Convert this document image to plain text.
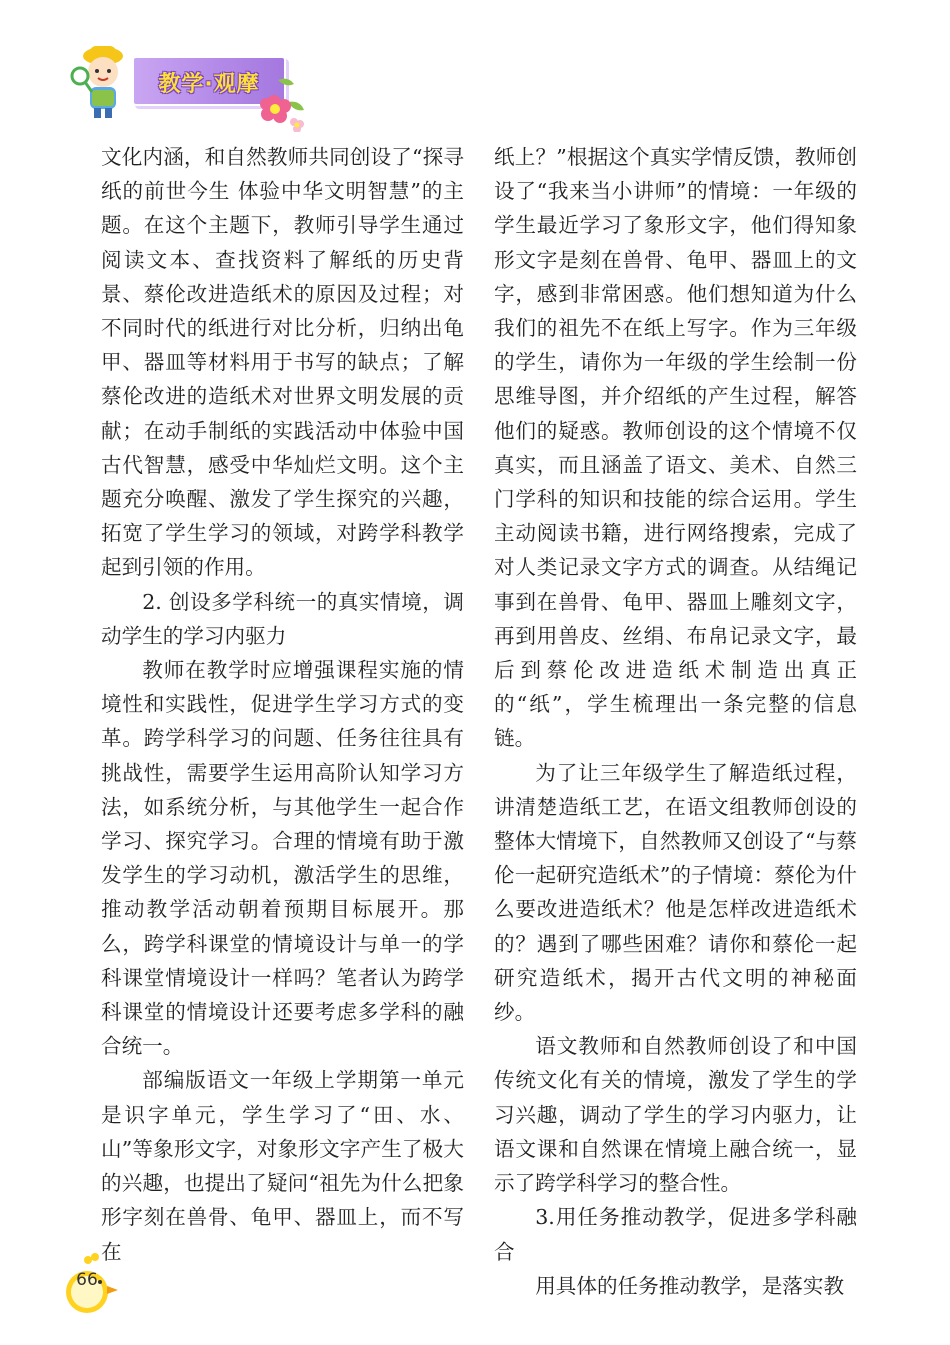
教学·观摩

文化内涵，和自然教师共同创设了“探寻纸的前世今生 体验中华文明智慧”的主题。在这个主题下，教师引导学生通过阅读文本、查找资料了解纸的历史背景、蔡伦改进造纸术的原因及过程；对不同时代的纸进行对比分析，归纳出龟甲、器皿等材料用于书写的缺点；了解蔡伦改进的造纸术对世界文明发展的贡献；在动手制纸的实践活动中体验中国古代智慧，感受中华灿烂文明。这个主题充分唤醒、激发了学生探究的兴趣，拓宽了学生学习的领域，对跨学科教学起到引领的作用。

2. 创设多学科统一的真实情境，调动学生的学习内驱力

教师在教学时应增强课程实施的情境性和实践性，促进学生学习方式的变革。跨学科学习的问题、任务往往具有挑战性，需要学生运用高阶认知学习方法，如系统分析，与其他学生一起合作学习、探究学习。合理的情境有助于激发学生的学习动机，激活学生的思维，推动教学活动朝着预期目标展开。那么，跨学科课堂的情境设计与单一的学科课堂情境设计一样吗？笔者认为跨学科课堂的情境设计还要考虑多学科的融合统一。

部编版语文一年级上学期第一单元是识字单元，学生学习了“田、水、山”等象形文字，对象形文字产生了极大的兴趣，也提出了疑问“祖先为什么把象形字刻在兽骨、龟甲、器皿上，而不写在

纸上？”根据这个真实学情反馈，教师创设了“我来当小讲师”的情境：一年级的学生最近学习了象形文字，他们得知象形文字是刻在兽骨、龟甲、器皿上的文字，感到非常困惑。他们想知道为什么我们的祖先不在纸上写字。作为三年级的学生，请你为一年级的学生绘制一份思维导图，并介绍纸的产生过程，解答他们的疑惑。教师创设的这个情境不仅真实，而且涵盖了语文、美术、自然三门学科的知识和技能的综合运用。学生主动阅读书籍，进行网络搜索，完成了对人类记录文字方式的调查。从结绳记事到在兽骨、龟甲、器皿上雕刻文字，再到用兽皮、丝绢、布帛记录文字，最后到蔡伦改进造纸术制造出真正的“纸”，学生梳理出一条完整的信息链。

为了让三年级学生了解造纸过程，讲清楚造纸工艺，在语文组教师创设的整体大情境下，自然教师又创设了“与蔡伦一起研究造纸术”的子情境：蔡伦为什么要改进造纸术？他是怎样改进造纸术的？遇到了哪些困难？请你和蔡伦一起研究造纸术，揭开古代文明的神秘面纱。

语文教师和自然教师创设了和中国传统文化有关的情境，激发了学生的学习兴趣，调动了学生的学习内驱力，让语文课和自然课在情境上融合统一，显示了跨学科学习的整合性。

3.用任务推动教学，促进多学科融合

用具体的任务推动教学，是落实教

66
